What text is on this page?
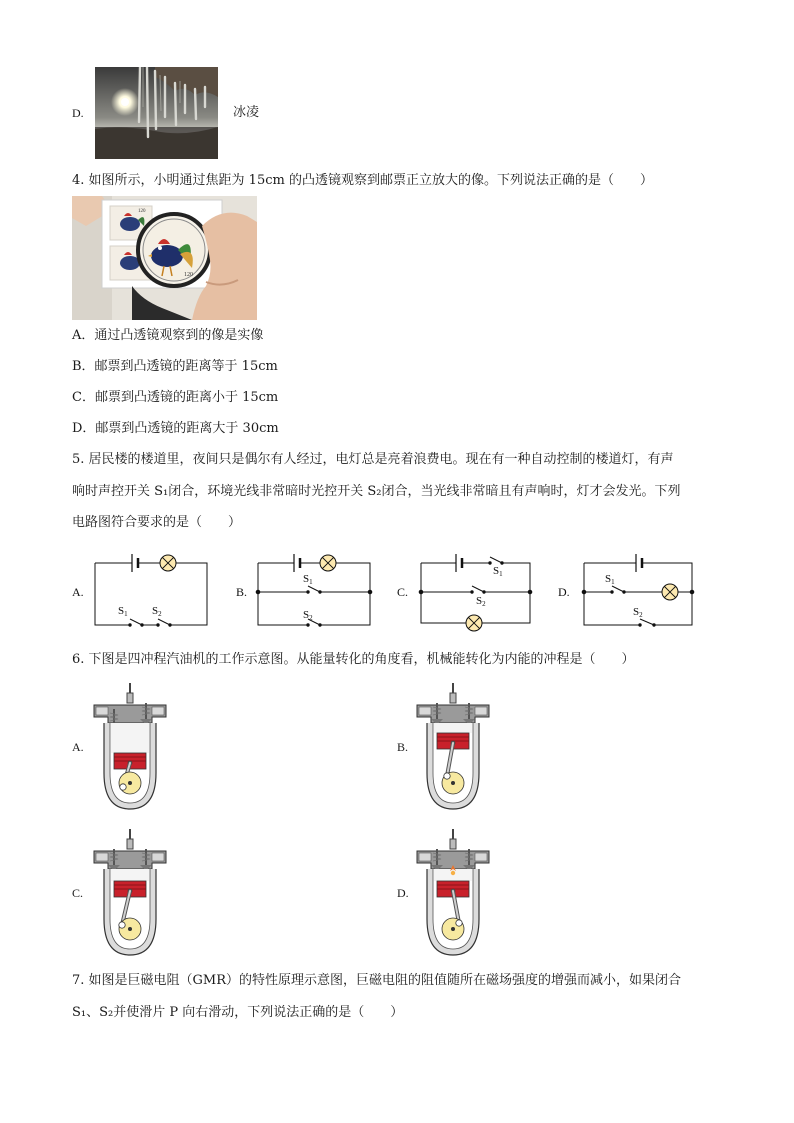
D.	冰凌
4. 如图所示，小明通过焦距为 15cm 的凸透镜观察到邮票正立放大的像。下列说法正确的是（　　）
120
120
A．通过凸透镜观察到的像是实像
B．邮票到凸透镜的距离等于 15cm
C．邮票到凸透镜的距离小于 15cm
D．邮票到凸透镜的距离大于 30cm
5. 居民楼的楼道里，夜间只是偶尔有人经过，电灯总是亮着浪费电。现在有一种自动控制的楼道灯，有声
响时声控开关 S₁闭合，环境光线非常暗时光控开关 S₂闭合，当光线非常暗且有声响时，灯才会发光。下列
电路图符合要求的是（　　）
A.	B.	C.	D.
S1 S2
S1
S2
S1
S2
S1
S2
6. 下图是四冲程汽油机的工作示意图。从能量转化的角度看，机械能转化为内能的冲程是（　　）
A.	B.
C.	D.
7. 如图是巨磁电阻（GMR）的特性原理示意图，巨磁电阻的阻值随所在磁场强度的增强而减小，如果闭合
S₁、S₂并使滑片 P 向右滑动，下列说法正确的是（　　）
